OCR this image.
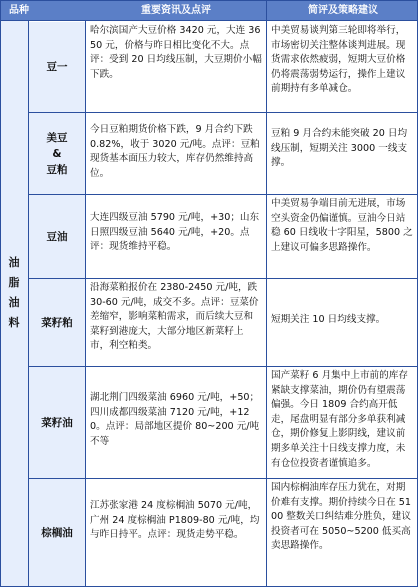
品种	重要资讯及点评	简评及策略建议
油脂油料
豆一

哈尔滨国产大豆价格 3420 元，大连 3650 元，价格与昨日相比变化不大。点评：受到 20 日均线压制，大豆期价小幅下跌。

中美贸易谈判第三轮即将举行，市场密切关注整体谈判进展。现货需求依然疲弱，短期大豆价格仍将震荡弱势运行，操作上建议前期持有多单减仓。

美豆
&
豆粕

今日豆粕期货价格下跌，9 月合约下跌 0.82%，收于 3020 元/吨。点评：豆粕现货基本面压力较大，库存仍然维持高位。

豆粕 9 月合约未能突破 20 日均线压制，短期关注 3000 一线支撑。

豆油

大连四级豆油 5790 元/吨，+30；山东日照四级豆油 5640 元/吨，+20。点评：现货维持平稳。

中美贸易争端目前无进展，市场空头资金仍偏谨慎。豆油今日站稳 60 日线收十字阳星，5800 之上建议可偏多思路操作。

菜籽粕

沿海菜粕报价在 2380-2450 元/吨，跌 30-60 元/吨，成交不多。点评：豆菜价差缩窄，影响菜粕需求，而后续大豆和菜籽到港庞大，大部分地区新菜籽上市，利空粕类。

短期关注 10 日均线支撑。

菜籽油

湖北荆门四级菜油 6960 元/吨，+50；四川成都四级菜油 7120 元/吨，+120。点评：局部地区提价 80~200 元/吨不等

国产菜籽 6 月集中上市前的库存紧缺支撑菜油，期价仍有望震荡偏强。今日 1809 合约高开低走，尾盘明显有部分多单获利减仓，期价修复上影阴线，建议前期多单关注十日线支撑力度，未有仓位投资者谨慎追多。

棕榈油

江苏张家港 24 度棕榈油 5070 元/吨，广州 24 度棕榈油 P1809-80 元/吨，均与昨日持平。点评：现货走势平稳。

国内棕榈油库存压力犹在，对期价难有支撑。期价持续今日在 5100 整数关口纠结难分胜负，建议投资者可在 5050~5200 低买高卖思路操作。
